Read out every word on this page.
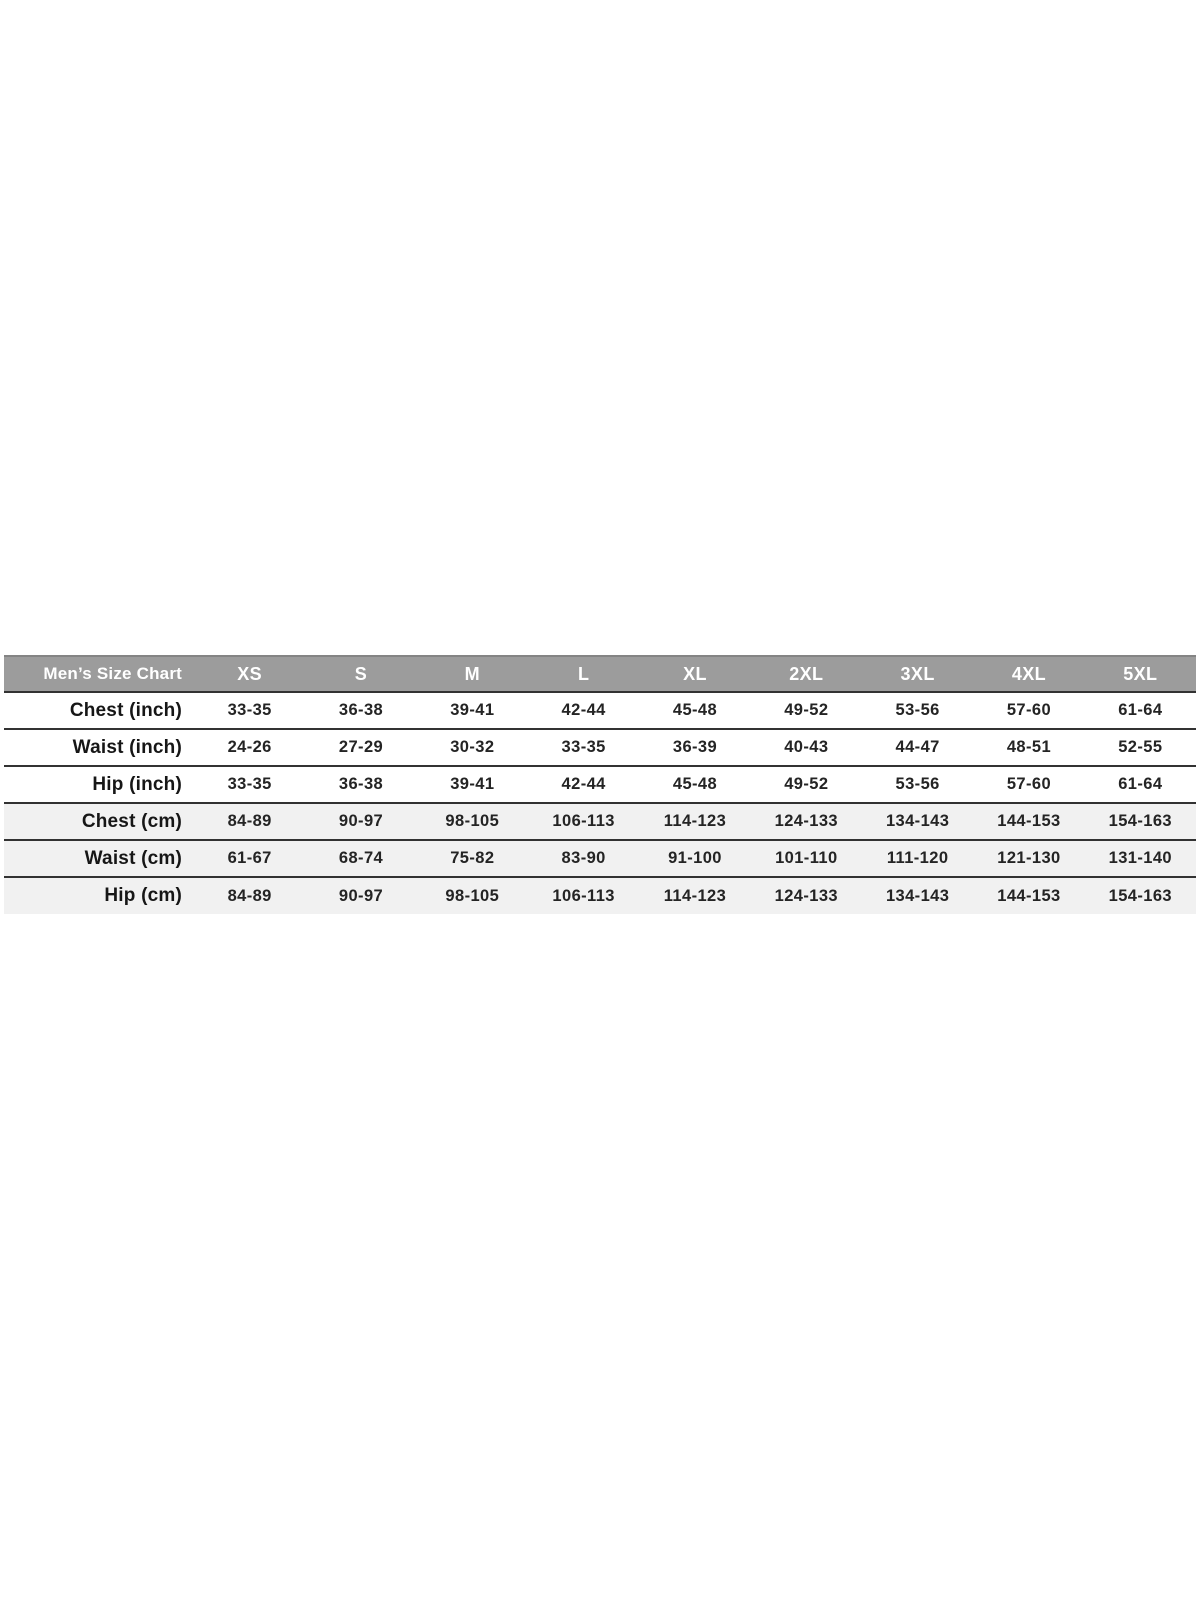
Men’s Size Chart	XS	S	M	L	XL	2XL	3XL	4XL	5XL
Chest (inch)	33-35	36-38	39-41	42-44	45-48	49-52	53-56	57-60	61-64
Waist (inch)	24-26	27-29	30-32	33-35	36-39	40-43	44-47	48-51	52-55
Hip (inch)	33-35	36-38	39-41	42-44	45-48	49-52	53-56	57-60	61-64
Chest (cm)	84-89	90-97	98-105	106-113	114-123	124-133	134-143	144-153	154-163
Waist (cm)	61-67	68-74	75-82	83-90	91-100	101-110	111-120	121-130	131-140
Hip (cm)	84-89	90-97	98-105	106-113	114-123	124-133	134-143	144-153	154-163
